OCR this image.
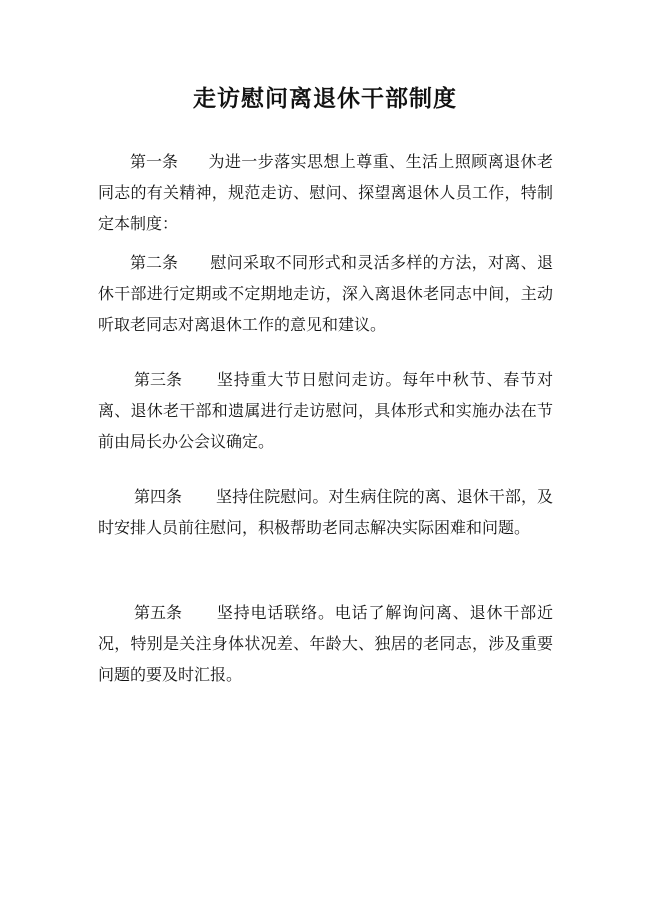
走访慰问离退休干部制度
第一条 为进一步落实思想上尊重、生活上照顾离退休老同志的有关精神，规范走访、慰问、探望离退休人员工作，特制定本制度：
第二条 慰问采取不同形式和灵活多样的方法，对离、退休干部进行定期或不定期地走访，深入离退休老同志中间，主动听取老同志对离退休工作的意见和建议。
第三条 坚持重大节日慰问走访。每年中秋节、春节对离、退休老干部和遗属进行走访慰问，具体形式和实施办法在节前由局长办公会议确定。
第四条 坚持住院慰问。对生病住院的离、退休干部，及时安排人员前往慰问，积极帮助老同志解决实际困难和问题。
第五条 坚持电话联络。电话了解询问离、退休干部近况，特别是关注身体状况差、年龄大、独居的老同志，涉及重要问题的要及时汇报。
